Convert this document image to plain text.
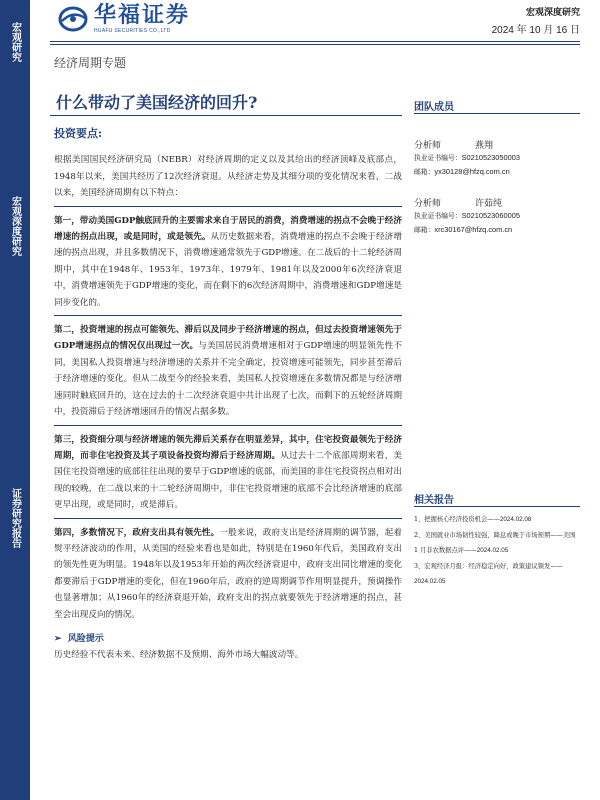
宏观研究
宏观深度研究
证券研究报告
华福证券
HUAFU SECURITIES CO.,LTD
宏观深度研究
2024 年 10 月 16 日
经济周期专题
什么带动了美国经济的回升?
投资要点:

根据美国国民经济研究局（NEBR）对经济周期的定义以及其给出的经济顶峰及底部点，1948年以来，美国共经历了12次经济衰退。从经济走势及其细分项的变化情况来看，二战以来，美国经济周期有以下特点：

第一，带动美国GDP触底回升的主要需求来自于居民的消费，消费增速的拐点不会晚于经济增速的拐点出现，或是同时，或是领先。从历史数据来看，消费增速的拐点不会晚于经济增速的拐点出现，并且多数情况下，消费增速通常领先于GDP增速。在二战后的十二轮经济周期中，其中在1948年、1953年、1973年、1979年、1981年以及2000年6次经济衰退中，消费增速领先于GDP增速的变化，而在剩下的6次经济周期中，消费增速和GDP增速是同步变化的。

第二，投资增速的拐点可能领先、滞后以及同步于经济增速的拐点，但过去投资增速领先于GDP增速拐点的情况仅出现过一次。与美国居民消费增速相对于GDP增速的明显领先性不同，美国私人投资增速与经济增速的关系并不完全确定，投资增速可能领先，同步甚至滞后于经济增速的变化。但从二战至今的经验来看，美国私人投资增速在多数情况都是与经济增速同时触底回升的，这在过去的十二次经济衰退中共计出现了七次，而剩下的五轮经济周期中，投资滞后于经济增速回升的情况占据多数。

第三，投资细分项与经济增速的领先滞后关系存在明显差异，其中，住宅投资最领先于经济周期，而非住宅投资及其子项设备投资均滞后于经济周期。从过去十二个底部周期来看，美国住宅投资增速的底部往往出现的要早于GDP增速的底部，而美国的非住宅投资拐点相对出现的较晚，在二战以来的十二轮经济周期中，非住宅投资增速的底部不会比经济增速的底部更早出现，或是同时，或是滞后。

第四，多数情况下，政府支出具有领先性。一般来说，政府支出是经济周期的调节器，起着熨平经济波动的作用，从美国的经验来看也是如此，特别是在1960年代后，美国政府支出的领先性更为明显。1948年以及1953年开始的两次经济衰退中，政府支出同比增速的变化都要滞后于GDP增速的变化，但在1960年后，政府的逆周期调节作用明显提升，预调操作也显著增加；从1960年的经济衰退开始，政府支出的拐点就要领先于经济增速的拐点，甚至会出现反向的情况。

➢ 风险提示

历史经验不代表未来、经济数据不及预期、海外市场大幅波动等。

团队成员
分析师	燕翔
执业证书编号：S0210523050003
邮箱：yx30128@hfzq.com.cn
分析师	许茹纯
执业证书编号：S0210523060005
邮箱：xrc30167@hfzq.com.cn
相关报告
1、把握核心经济投资机会——2024.02.08
2、美国就业市场韧性较强，降息或晚于市场预期——美国 1 月非农数据点评——2024.02.05
3、宏观经济月报：经济稳定向好，政策建议频发——2024.02.05
